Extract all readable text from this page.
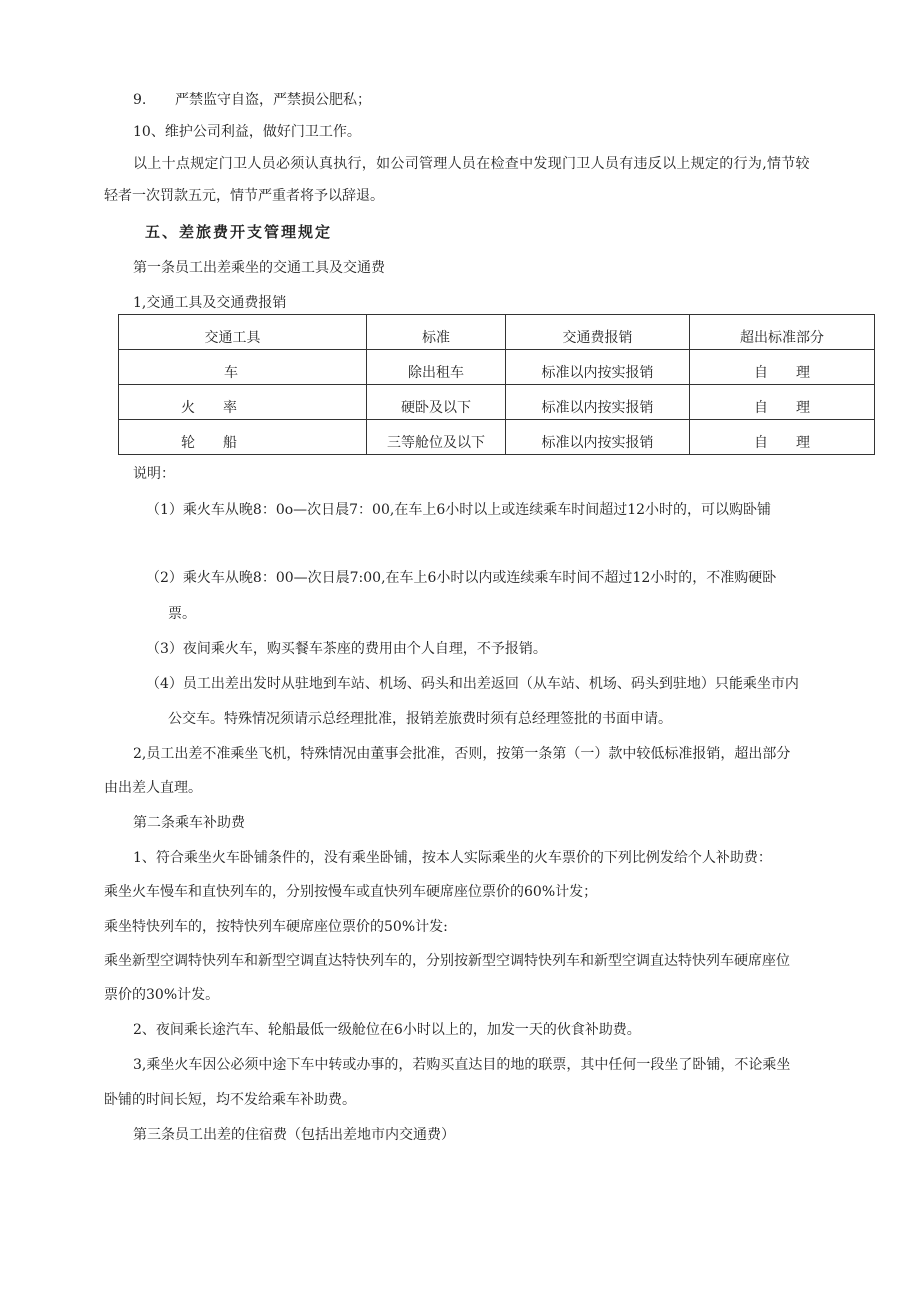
9. 严禁监守自盗，严禁损公肥私；
10、维护公司利益，做好门卫工作。
以上十点规定门卫人员必须认真执行，如公司管理人员在检查中发现门卫人员有违反以上规定的行为,情节较
轻者一次罚款五元，情节严重者将予以辞退。
五、差旅费开支管理规定
第一条员工出差乘坐的交通工具及交通费
1,交通工具及交通费报销
交通工具	标准	交通费报销	超出标准部分

车	除出租车	标准以内按实报销	自　　理

火　　率	硬卧及以下	标准以内按实报销	自　　理

轮　　船	三等舱位及以下	标准以内按实报销	自　　理
说明：
（1）乘火车从晚8：0o—次日晨7：00,在车上6小时以上或连续乘车时间超过12小时的，可以购卧铺
（2）乘火车从晚8：00—次日晨7:00,在车上6小时以内或连续乘车时间不超过12小时的，不准购硬卧
票。
（3）夜间乘火车，购买餐车茶座的费用由个人自理，不予报销。
（4）员工出差出发时从驻地到车站、机场、码头和出差返回（从车站、机场、码头到驻地）只能乘坐市内
公交车。特殊情况须请示总经理批准，报销差旅费时须有总经理签批的书面申请。
2,员工出差不准乘坐飞机，特殊情况由董事会批准，否则，按第一条第（一）款中较低标准报销，超出部分
由出差人直理。
第二条乘车补助费
1、符合乘坐火车卧铺条件的，没有乘坐卧铺，按本人实际乘坐的火车票价的下列比例发给个人补助费：
乘坐火车慢车和直快列车的，分别按慢车或直快列车硬席座位票价的60%计发；
乘坐特快列车的，按特快列车硬席座位票价的50%计发:
乘坐新型空调特快列车和新型空调直达特快列车的，分别按新型空调特快列车和新型空调直达特快列车硬席座位
票价的30%计发。
2、夜间乘长途汽车、轮船最低一级舱位在6小时以上的，加发一天的伙食补助费。
3,乘坐火车因公必须中途下车中转或办事的，若购买直达目的地的联票，其中任何一段坐了卧铺，不论乘坐
卧铺的时间长短，均不发给乘车补助费。
第三条员工出差的住宿费（包括出差地市内交通费）
